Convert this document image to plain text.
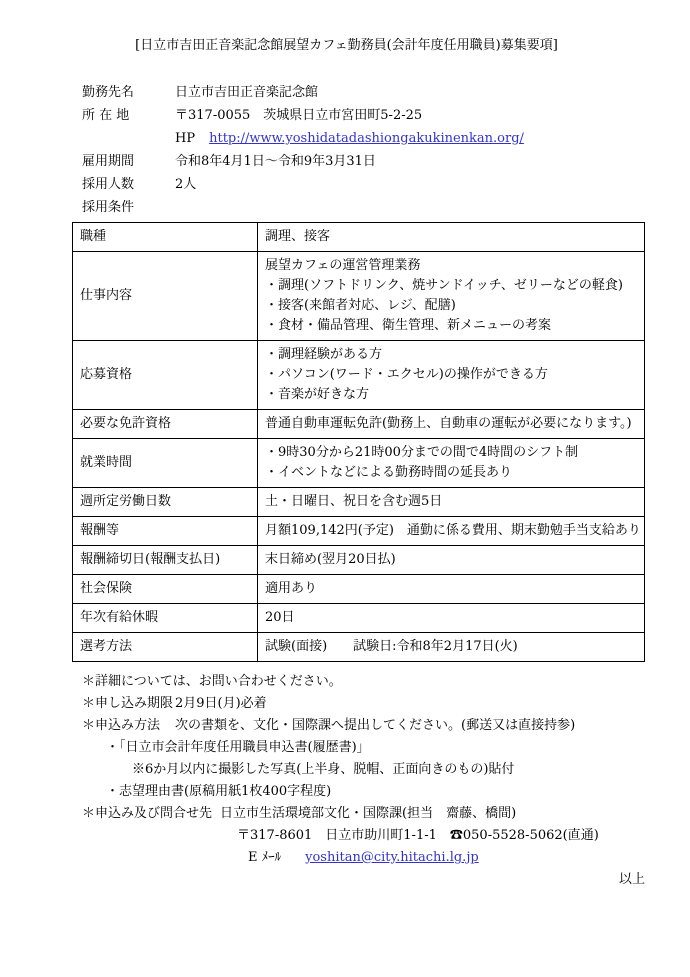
[日立市吉田正音楽記念館展望カフェ勤務員(会計年度任用職員)募集要項]
勤務先名	日立市吉田正音楽記念館
所 在 地	〒317-0055　茨城県日立市宮田町5-2-25
HP http://www.yoshidatadashiongakukinenkan.org/
雇用期間	令和8年4月1日〜令和9年3月31日
採用人数	2人
採用条件
職種	調理、接客

仕事内容	展望カフェの運営管理業務
・調理(ソフトドリンク、焼サンドイッチ、ゼリーなどの軽食)
・接客(来館者対応、レジ、配膳)
・食材・備品管理、衛生管理、新メニューの考案

応募資格	・調理経験がある方
・パソコン(ワード・エクセル)の操作ができる方
・音楽が好きな方

必要な免許資格	普通自動車運転免許(勤務上、自動車の運転が必要になります。)

就業時間	・9時30分から21時00分までの間で4時間のシフト制
・イベントなどによる勤務時間の延長あり

週所定労働日数	土・日曜日、祝日を含む週5日

報酬等	月額109,142円(予定)　通勤に係る費用、期末勤勉手当支給あり

報酬締切日(報酬支払日)	末日締め(翌月20日払)

社会保険	適用あり

年次有給休暇	20日

選考方法	試験(面接)　　試験日:令和8年2月17日(火)
＊詳細については、お問い合わせください。
＊申し込み期限 2月9日(月)必着
＊申込み方法	次の書類を、文化・国際課へ提出してください。(郵送又は直接持参)
・「日立市会計年度任用職員申込書(履歴書)」
※6か月以内に撮影した写真(上半身、脱帽、正面向きのもの)貼付
・志望理由書(原稿用紙1枚400字程度)
＊申込み及び問合せ先 日立市生活環境部文化・国際課(担当　齋藤、橋間)
〒317-8601　日立市助川町1-1-1　☎050-5528-5062(直通)
E ﾒｰﾙ yoshitan@city.hitachi.lg.jp
以上
